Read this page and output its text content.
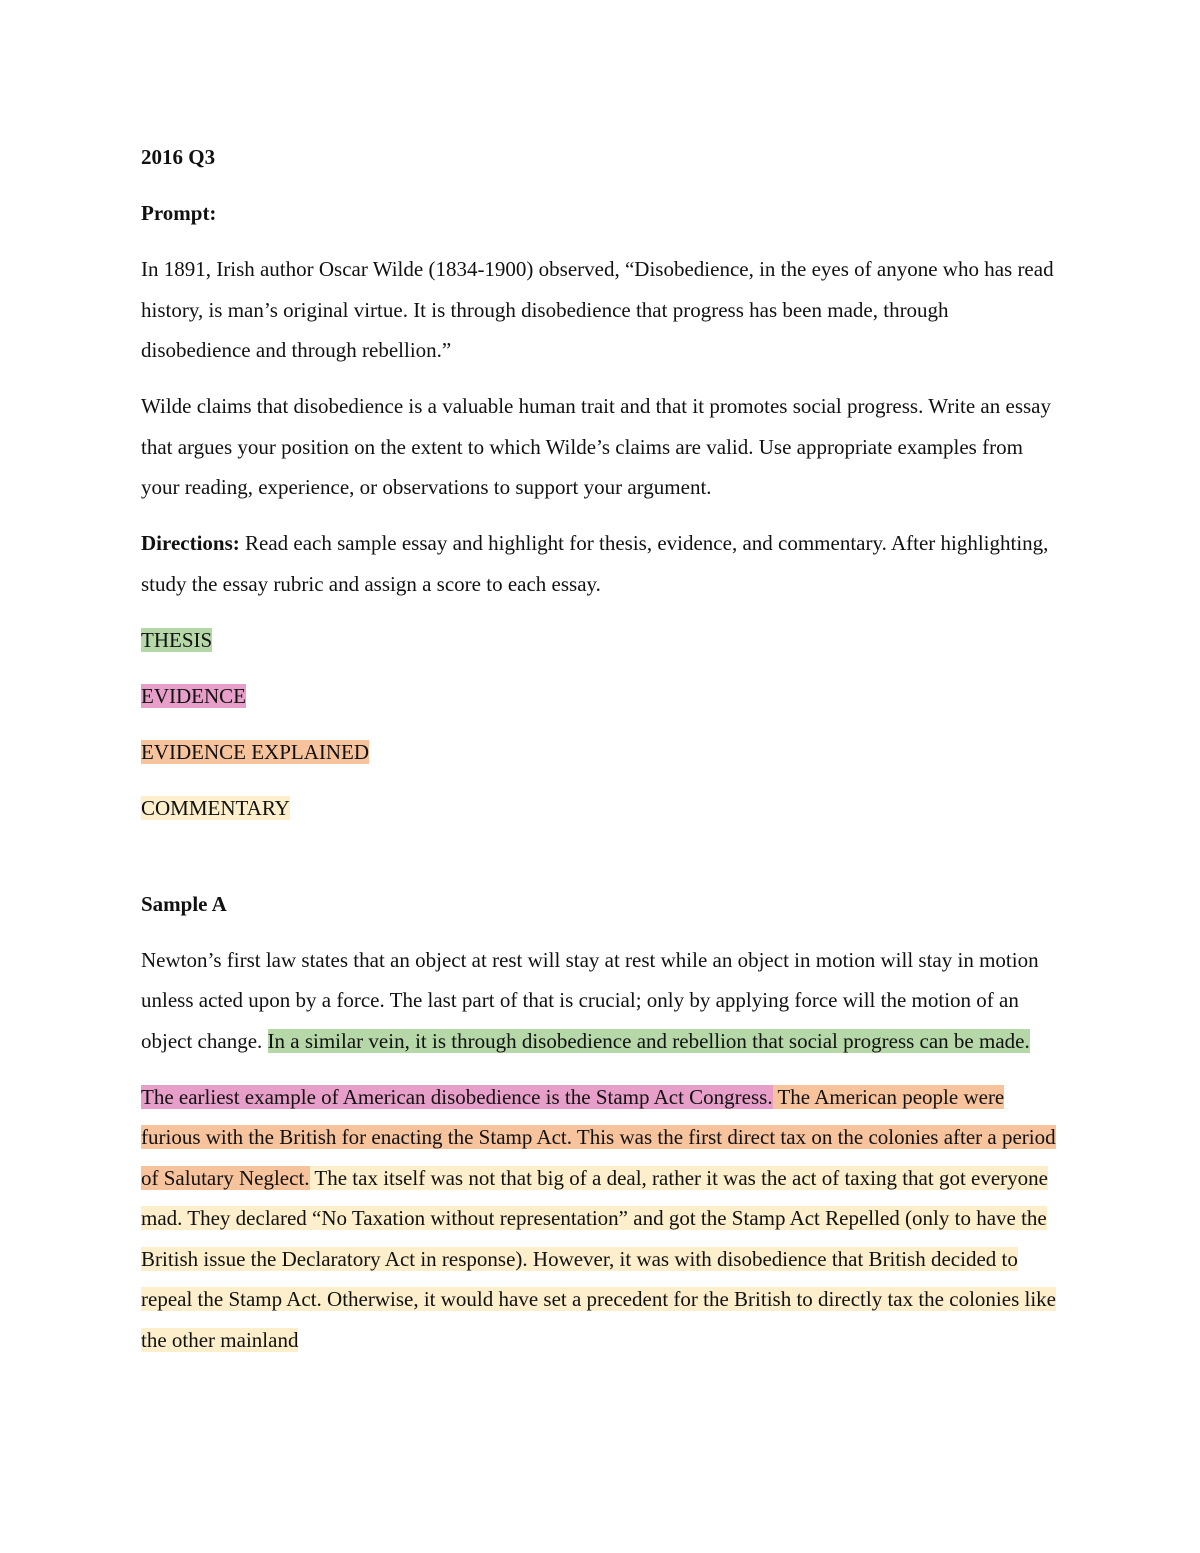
2016 Q3

Prompt:

In 1891, Irish author Oscar Wilde (1834-1900) observed, “Disobedience, in the eyes of anyone who has read history, is man’s original virtue. It is through disobedience that progress has been made, through disobedience and through rebellion.”

Wilde claims that disobedience is a valuable human trait and that it promotes social progress. Write an essay that argues your position on the extent to which Wilde’s claims are valid. Use appropriate examples from your reading, experience, or observations to support your argument.

Directions: Read each sample essay and highlight for thesis, evidence, and commentary. After highlighting, study the essay rubric and assign a score to each essay.

THESIS

EVIDENCE

EVIDENCE EXPLAINED

COMMENTARY

Sample A

Newton’s first law states that an object at rest will stay at rest while an object in motion will stay in motion unless acted upon by a force. The last part of that is crucial; only by applying force will the motion of an object change. In a similar vein, it is through disobedience and rebellion that social progress can be made.

The earliest example of American disobedience is the Stamp Act Congress. The American people were furious with the British for enacting the Stamp Act. This was the first direct tax on the colonies after a period of Salutary Neglect. The tax itself was not that big of a deal, rather it was the act of taxing that got everyone mad. They declared “No Taxation without representation” and got the Stamp Act Repelled (only to have the British issue the Declaratory Act in response). However, it was with disobedience that British decided to repeal the Stamp Act. Otherwise, it would have set a precedent for the British to directly tax the colonies like the other mainland
